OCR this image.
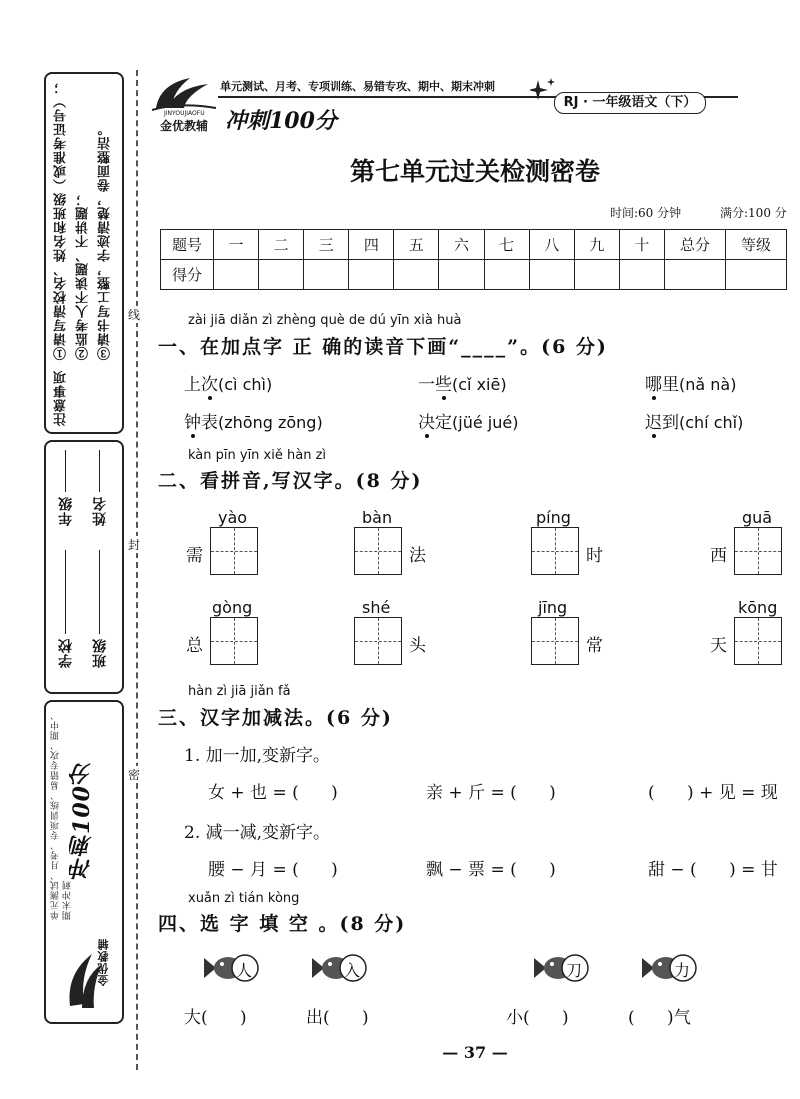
注意事项
①请写清校名、姓名和班级（或准考证号）； ②监考人不读题、不讲题； ③请书写工整，字迹清楚，卷面整洁。
学校
年级
班级
姓名
单元测试、月考、专项训练、易错专攻、期中、期末冲刺
冲刺100分
金优教辅
线
封
密
JINYOUJIAOFU
金优教辅 冲刺100分
单元测试、月考、专项训练、易错专攻、期中、期末冲刺
RJ · 一年级语文（下）
第七单元过关检测密卷
时间:60 分钟	满分:100 分
题号	一	二	三	四	五	六	七	八	九	十	总分	等级
得分												
zài jiā diǎn zì zhèng què de dú yīn xià huà
一、在加点字 正 确的读音下画“____”。(6 分)
上次(cì chì)	一些(cǐ xiē)	哪里(nǎ nà)
钟表(zhōng zōng)	决定(jüé jué)	迟到(chí chǐ)
kàn pīn yīn xiě hàn zì
二、看拼音,写汉字。(8 分)
yào
需
bàn
法
píng
时
guā
西
gòng
总
shé
头
jīng
常
kōng
天
hàn zì jiā jiǎn fǎ
三、汉字加减法。(6 分)
1. 加一加,变新字。
女 + 也 = (      )	亲 + 斤 = (      )	(      ) + 见 = 现
2. 减一减,变新字。
腰 − 月 = (      )	飘 − 票 = (      )	甜 − (      ) = 甘
xuǎn zì tián kòng
四、选 字 填 空 。(8 分)
人	入	刀	力
大(      )	出(      )	小(      )	(      )气
— 37 —
